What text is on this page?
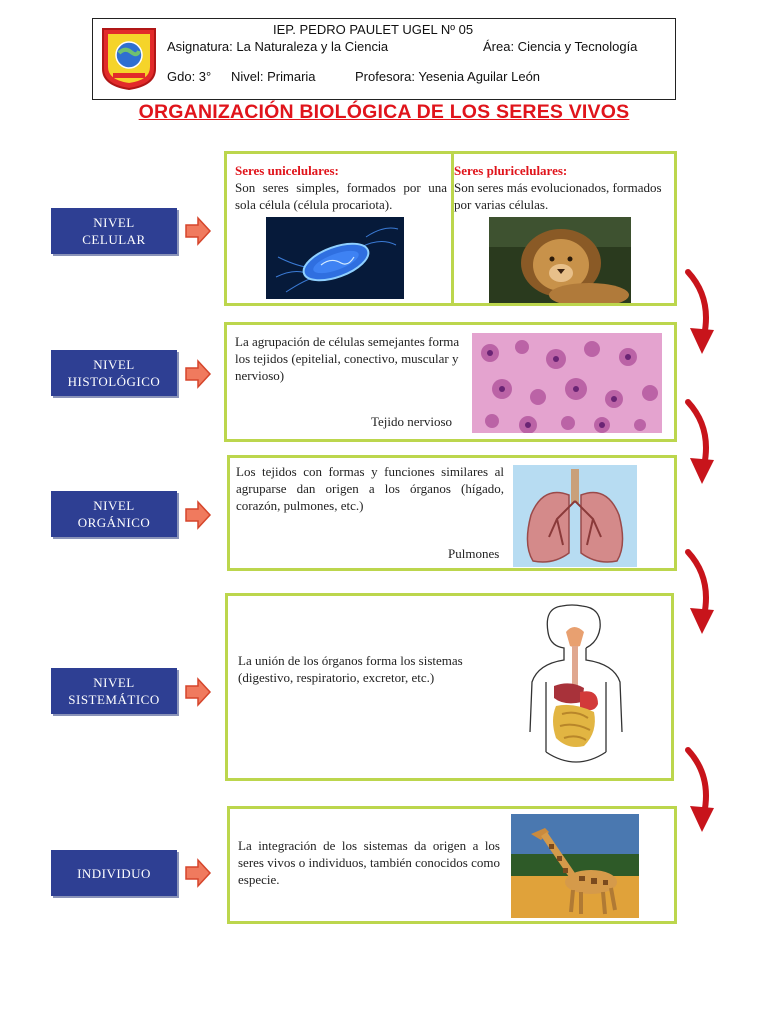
IEP. PEDRO PAULET UGEL Nº 05
Asignatura: La Naturaleza y la Ciencia	Área: Ciencia y Tecnología
Gdo: 3° Nivel: Primaria	Profesora: Yesenia Aguilar León
ORGANIZACIÓN BIOLÓGICA DE LOS SERES VIVOS
NIVEL
CELULAR
NIVEL
HISTOLÓGICO
NIVEL
ORGÁNICO
NIVEL
SISTEMÁTICO
INDIVIDUO
Seres unicelulares:
Son seres simples, formados por una sola célula (célula procariota).
Seres pluricelulares:
Son seres más evolucionados, formados por varias células.
La agrupación de células semejantes forma los tejidos (epitelial, conectivo, muscular y nervioso)
Tejido nervioso
Los tejidos con formas y funciones similares al agruparse dan origen a los órganos (hígado, corazón, pulmones, etc.)
Pulmones
La unión de los órganos forma los sistemas (digestivo, respiratorio, excretor, etc.)
La integración de los sistemas da origen a los seres vivos o individuos, también conocidos como especie.
